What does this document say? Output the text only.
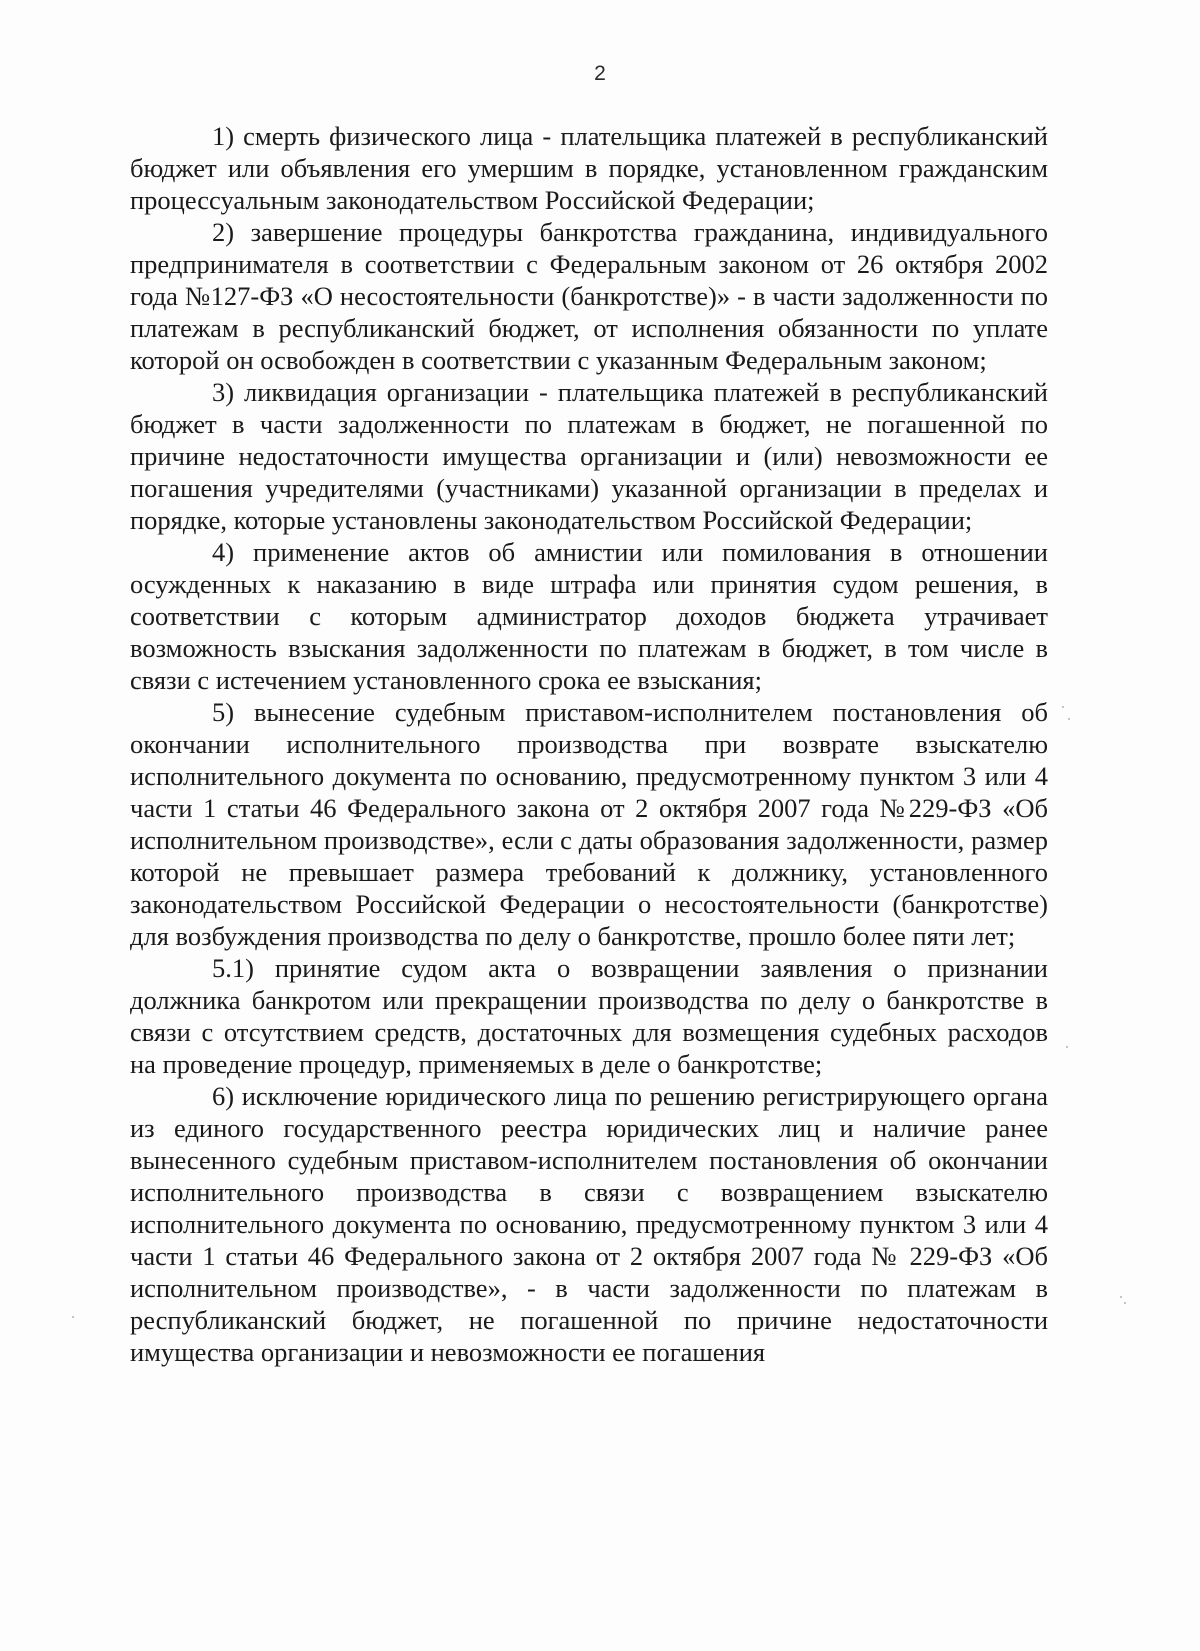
2

1) смерть физического лица - плательщика платежей в республиканский бюджет или объявления его умершим в порядке, установленном гражданским процессуальным законодательством Российской Федерации;

2) завершение процедуры банкротства гражданина, индивидуального предпринимателя в соответствии с Федеральным законом от 26 октября 2002 года №127-ФЗ «О несостоятельности (банкротстве)» - в части задолженности по платежам в республиканский бюджет, от исполнения обязанности по уплате которой он освобожден в соответствии с указанным Федеральным законом;

3) ликвидация организации - плательщика платежей в республиканский бюджет в части задолженности по платежам в бюджет, не погашенной по причине недостаточности имущества организации и (или) невозможности ее погашения учредителями (участниками) указанной организации в пределах и порядке, которые установлены законодательством Российской Федерации;

4) применение актов об амнистии или помилования в отношении осужденных к наказанию в виде штрафа или принятия судом решения, в соответствии с которым администратор доходов бюджета утрачивает возможность взыскания задолженности по платежам в бюджет, в том числе в связи с истечением установленного срока ее взыскания;

5) вынесение судебным приставом-исполнителем постановления об окончании исполнительного производства при возврате взыскателю исполнительного документа по основанию, предусмотренному пунктом 3 или 4 части 1 статьи 46 Федерального закона от 2 октября 2007 года №229-ФЗ «Об исполнительном производстве», если с даты образования задолженности, размер которой не превышает размера требований к должнику, установленного законодательством Российской Федерации о несостоятельности (банкротстве) для возбуждения производства по делу о банкротстве, прошло более пяти лет;

5.1) принятие судом акта о возвращении заявления о признании должника банкротом или прекращении производства по делу о банкротстве в связи с отсутствием средств, достаточных для возмещения судебных расходов на проведение процедур, применяемых в деле о банкротстве;

6) исключение юридического лица по решению регистрирующего органа из единого государственного реестра юридических лиц и наличие ранее вынесенного судебным приставом-исполнителем постановления об окончании исполнительного производства в связи с возвращением взыскателю исполнительного документа по основанию, предусмотренному пунктом 3 или 4 части 1 статьи 46 Федерального закона от 2 октября 2007 года № 229-ФЗ «Об исполнительном производстве», - в части задолженности по платежам в республиканский бюджет, не погашенной по причине недостаточности имущества организации и невозможности ее погашения
